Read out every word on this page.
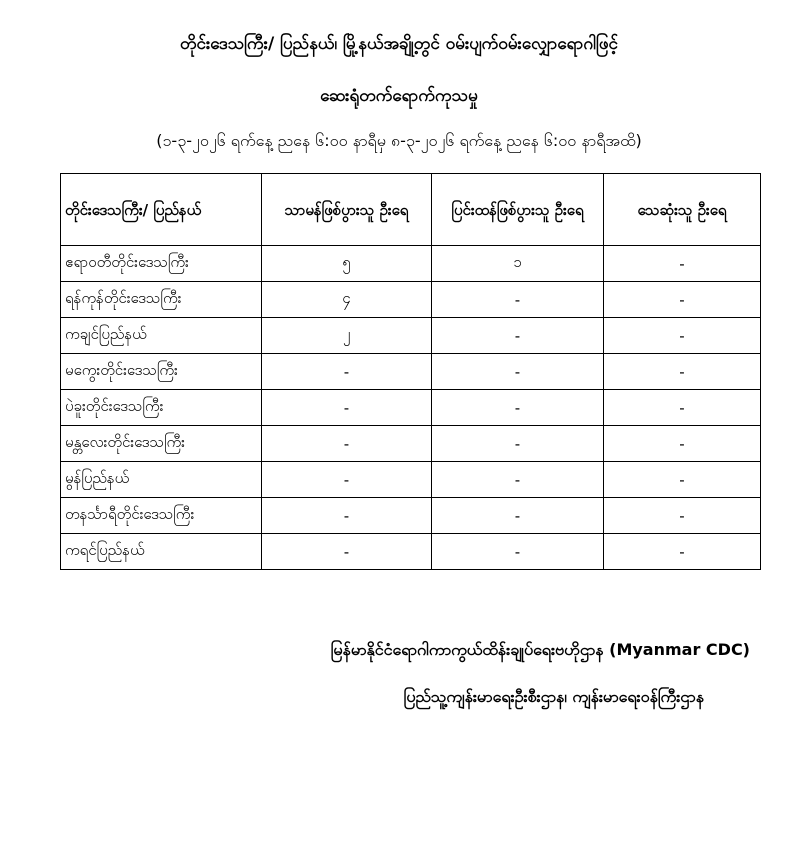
တိုင်းဒေသကြီး/ ပြည်နယ်၊ မြို့နယ်အချို့တွင် ဝမ်းပျက်ဝမ်းလျှောရောဂါဖြင့်
ဆေးရုံတက်ရောက်ကုသမှု
(၁-၃-၂၀၂၆ ရက်နေ့ ညနေ ၆:၀၀ နာရီမှ ၈-၃-၂၀၂၆ ရက်နေ့ ညနေ ၆:၀၀ နာရီအထိ)
တိုင်းဒေသကြီး/ ပြည်နယ်	သာမန်ဖြစ်ပွားသူ ဦးရေ	ပြင်းထန်ဖြစ်ပွားသူ ဦးရေ	သေဆုံးသူ ဦးရေ
ဧရာဝတီတိုင်းဒေသကြီး	၅	၁	-
ရန်ကုန်တိုင်းဒေသကြီး	၄	-	-
ကချင်ပြည်နယ်	၂	-	-
မကွေးတိုင်းဒေသကြီး	-	-	-
ပဲခူးတိုင်းဒေသကြီး	-	-	-
မန္တလေးတိုင်းဒေသကြီး	-	-	-
မွန်ပြည်နယ်	-	-	-
တနင်္သာရီတိုင်းဒေသကြီး	-	-	-
ကရင်ပြည်နယ်	-	-	-
မြန်မာနိုင်ငံရောဂါကာကွယ်ထိန်းချုပ်ရေးဗဟိုဌာန (Myanmar CDC)
ပြည်သူ့ကျန်းမာရေးဦးစီးဌာန၊ ကျန်းမာရေးဝန်ကြီးဌာန
